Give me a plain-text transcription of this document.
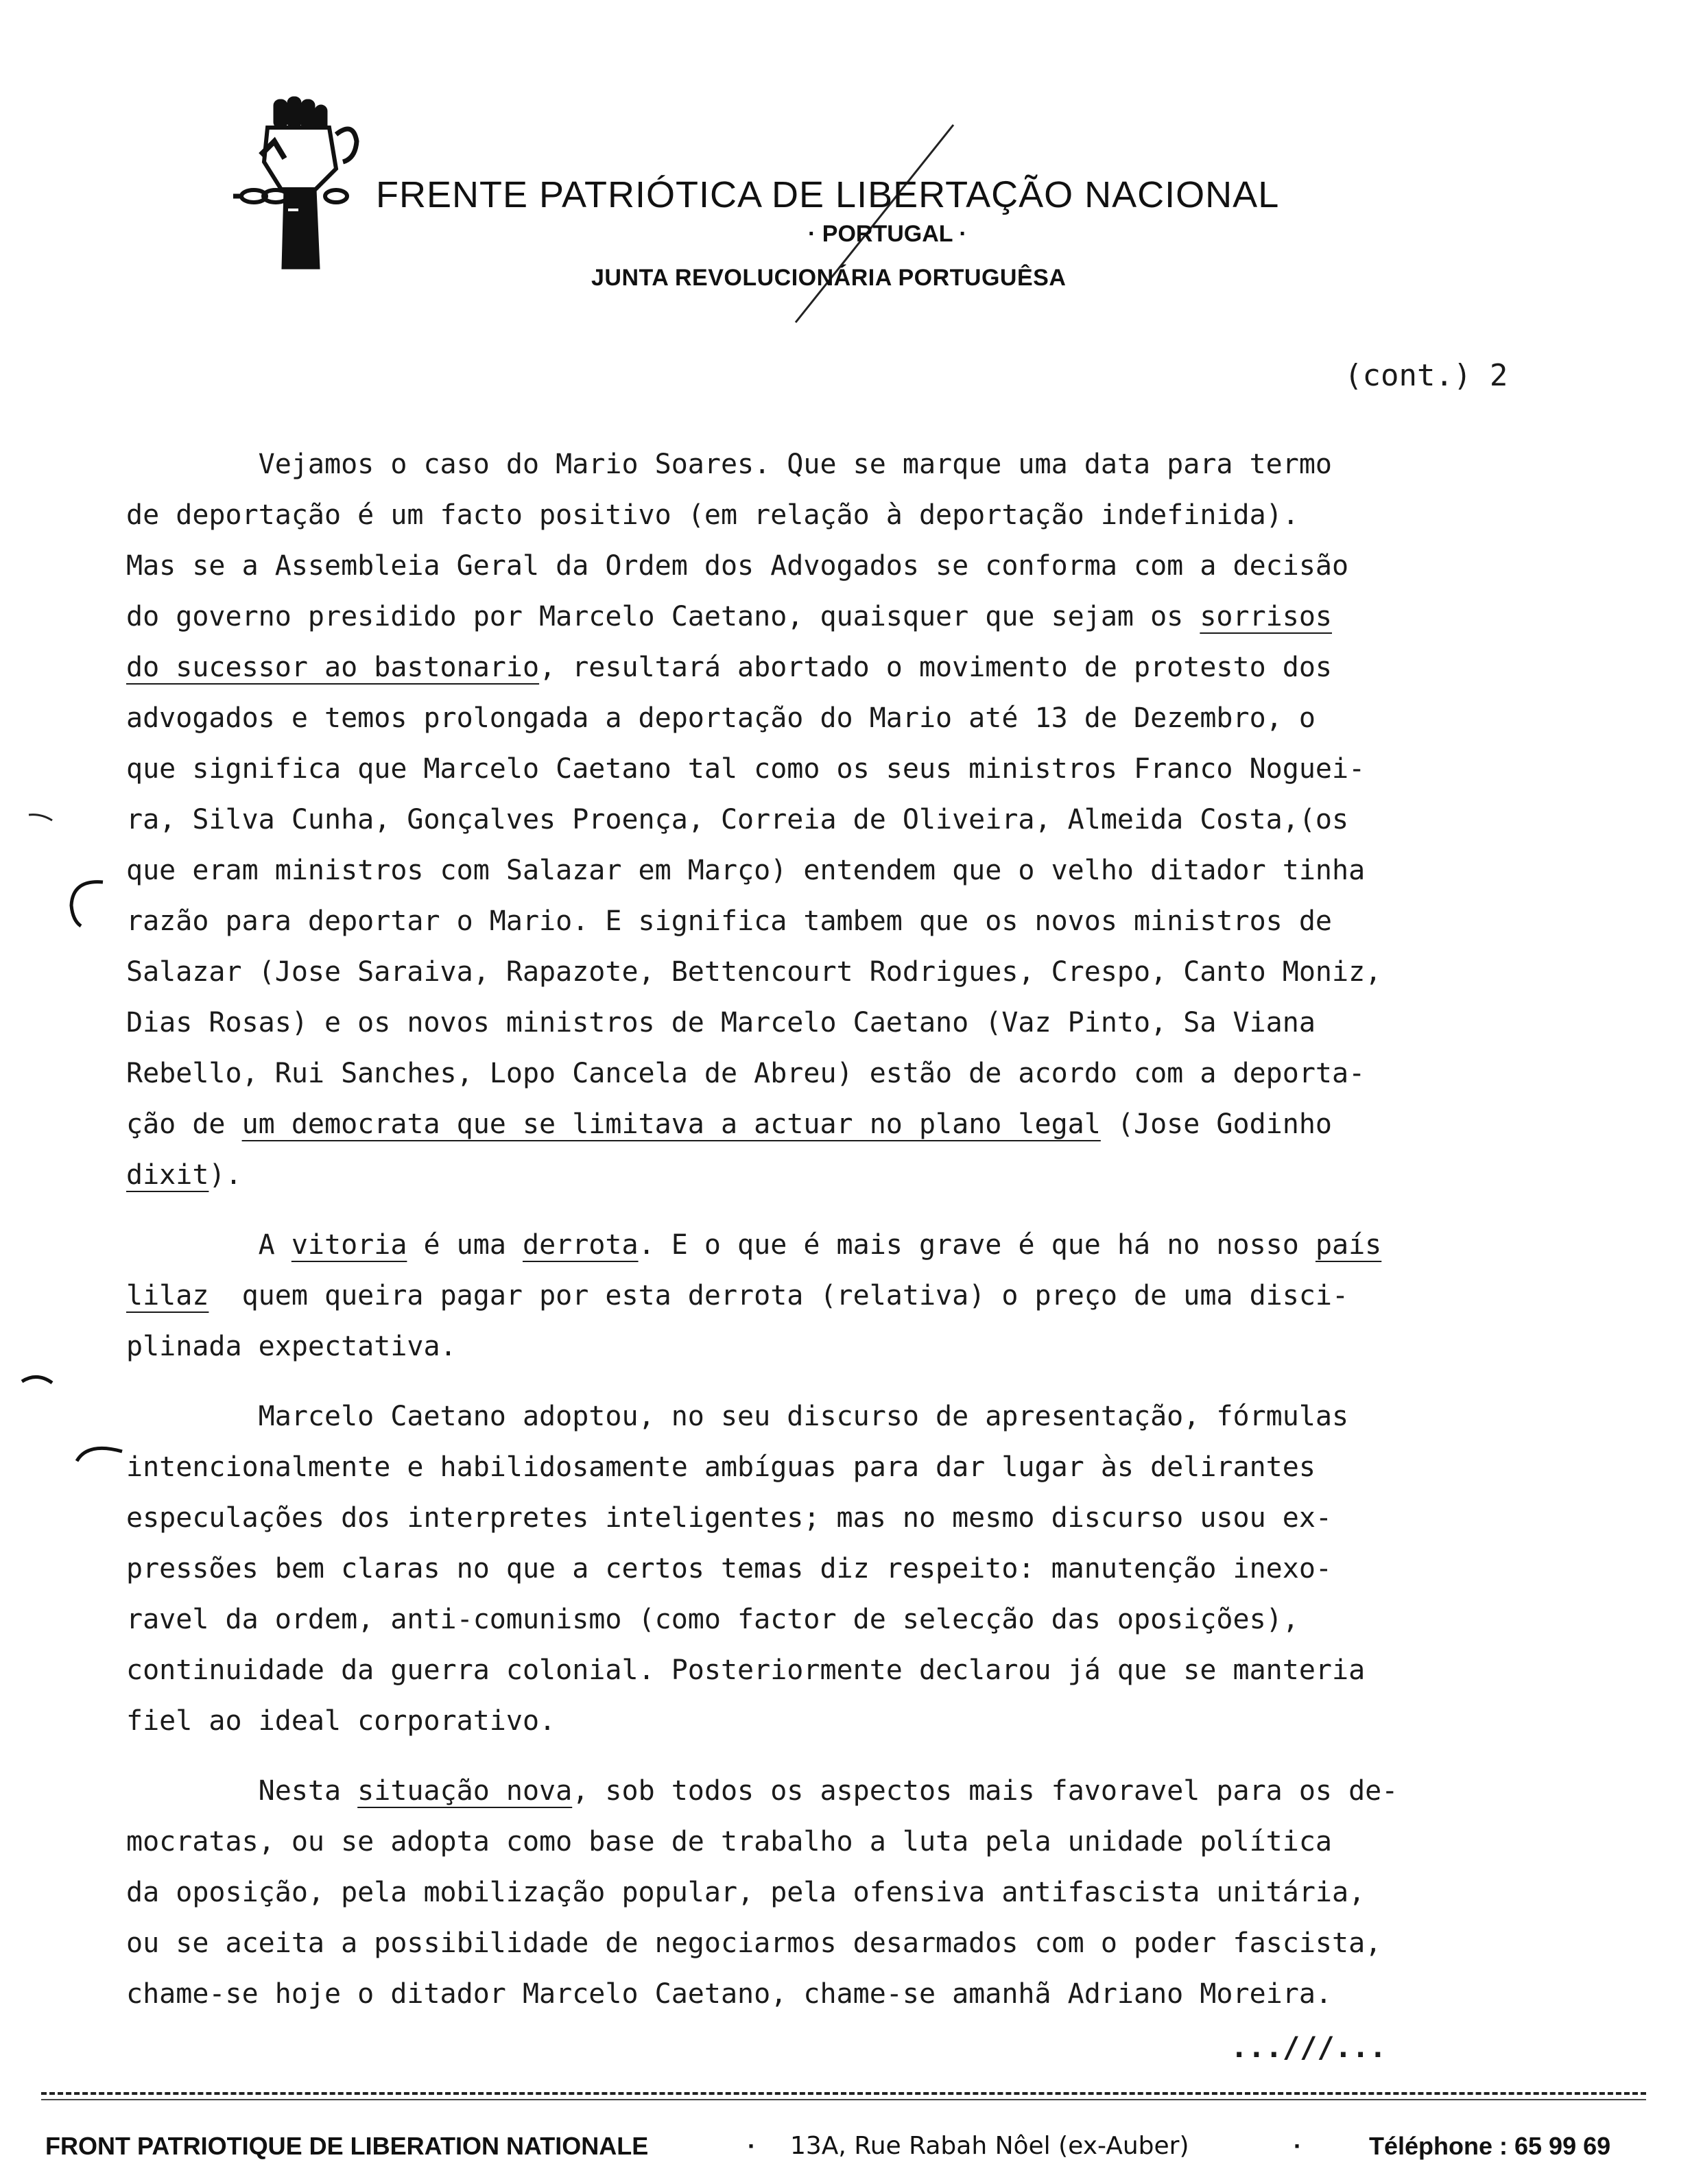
FRENTE PATRIÓTICA DE LIBERTAÇÃO NACIONAL
· PORTUGAL ·
JUNTA REVOLUCIONÁRIA PORTUGUÊSA
(cont.) 2
Vejamos o caso do Mario Soares. Que se marque uma data para termo
de deportação é um facto positivo (em relação à deportação indefinida).
Mas se a Assembleia Geral da Ordem dos Advogados se conforma com a decisão
do governo presidido por Marcelo Caetano, quaisquer que sejam os sorrisos
do sucessor ao bastonario, resultará abortado o movimento de protesto dos
advogados e temos prolongada a deportação do Mario até 13 de Dezembro, o
que significa que Marcelo Caetano tal como os seus ministros Franco Noguei-
ra, Silva Cunha, Gonçalves Proença, Correia de Oliveira, Almeida Costa,(os
que eram ministros com Salazar em Março) entendem que o velho ditador tinha
razão para deportar o Mario. E significa tambem que os novos ministros de
Salazar (Jose Saraiva, Rapazote, Bettencourt Rodrigues, Crespo, Canto Moniz,
Dias Rosas) e os novos ministros de Marcelo Caetano (Vaz Pinto, Sa Viana
Rebello, Rui Sanches, Lopo Cancela de Abreu) estão de acordo com a deporta-
ção de um democrata que se limitava a actuar no plano legal (Jose Godinho
dixit).
A vitoria é uma derrota. E o que é mais grave é que há no nosso país
lilaz  quem queira pagar por esta derrota (relativa) o preço de uma disci-
plinada expectativa.
Marcelo Caetano adoptou, no seu discurso de apresentação, fórmulas
intencionalmente e habilidosamente ambíguas para dar lugar às delirantes
especulações dos interpretes inteligentes; mas no mesmo discurso usou ex-
pressões bem claras no que a certos temas diz respeito: manutenção inexo-
ravel da ordem, anti-comunismo (como factor de selecção das oposições),
continuidade da guerra colonial. Posteriormente declarou já que se manteria
fiel ao ideal corporativo.
Nesta situação nova, sob todos os aspectos mais favoravel para os de-
mocratas, ou se adopta como base de trabalho a luta pela unidade política
da oposição, pela mobilização popular, pela ofensiva antifascista unitária,
ou se aceita a possibilidade de negociarmos desarmados com o poder fascista,
chame-se hoje o ditador Marcelo Caetano, chame-se amanhã Adriano Moreira.
...///...
FRONT PATRIOTIQUE DE LIBERATION NATIONALE	· 13A, Rue Rabah Nôel (ex-Auber)	·	Téléphone : 65 99 69
